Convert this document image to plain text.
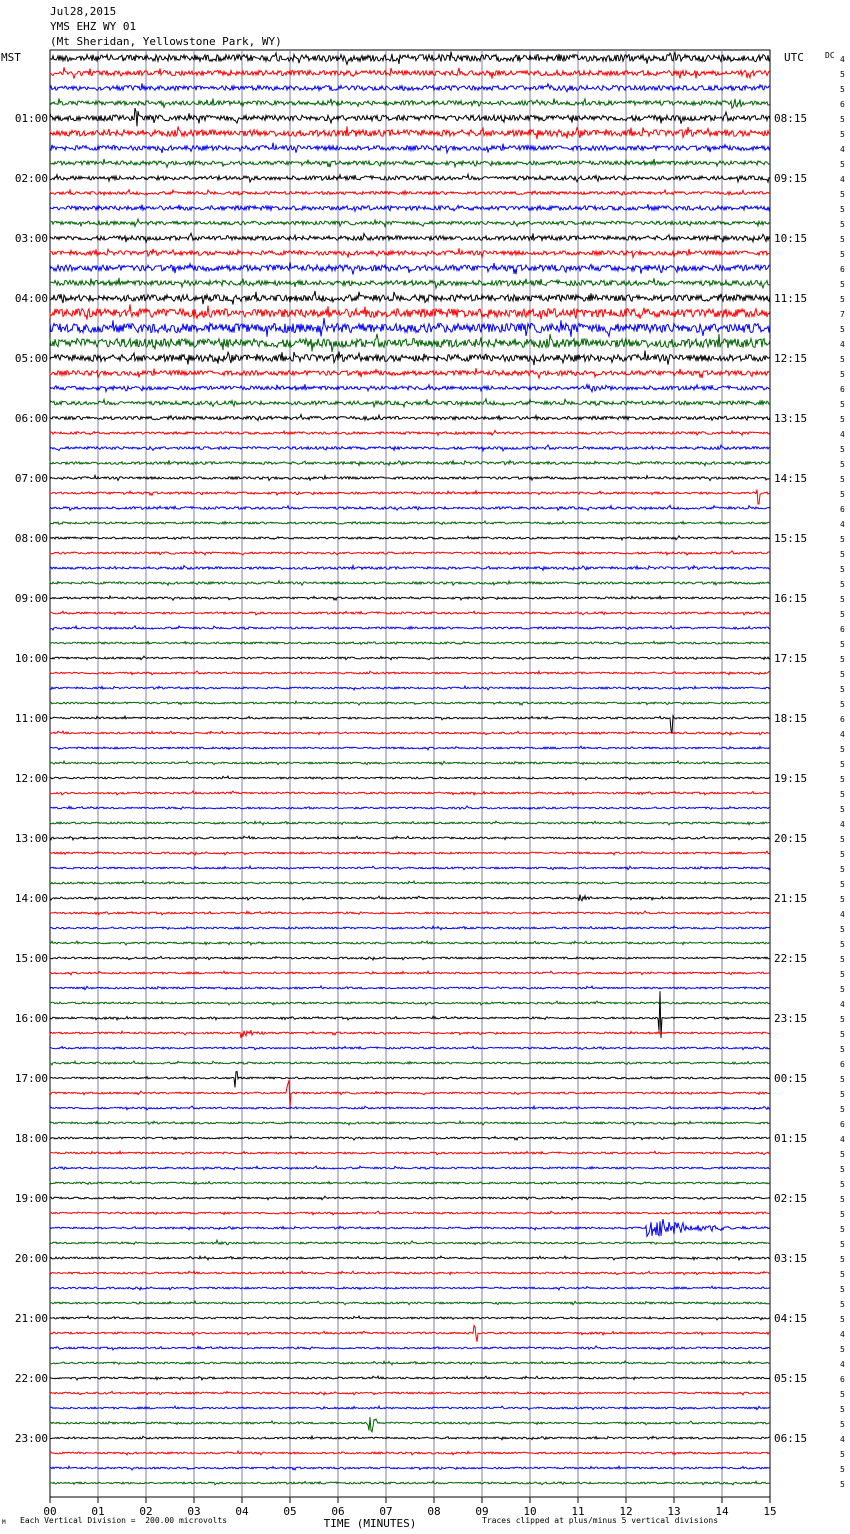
Jul28,2015
YMS EHZ WY 01
(Mt Sheridan, Yellowstone Park, WY)
MST	UTC	DC 4
5
5
6
5
5
4
5
4
5
5
5
5
5
6
5
5
7
5
4
5
5
6
5
5
4
5
5
5
5
6
4
5
5
5
5
5
5
6
5
5
5
5
5
6
4
5
5
5
5
5
4
5
5
5
5
5
4
5
5
5
5
5
4
5
5
5
6
5
5
5
6
4
5
5
5
5
5
5
5
5
5
5
5
5
4
5
4
6
5
5
5
4
5
5
5
01:00
02:00
03:00
04:00
05:00
06:00
07:00
08:00
09:00
10:00
11:00
12:00
13:00
14:00
15:00
16:00
17:00
18:00
19:00
20:00
21:00
22:00
23:00
08:15
09:15
10:15
11:15
12:15
13:15
14:15
15:15
16:15
17:15
18:15
19:15
20:15
21:15
22:15
23:15
00:15
01:15
02:15
03:15
04:15
05:15
06:15
00	01	02	03	04	05	06	07	08	09	10	11	12	13	14	15
TIME (MINUTES)
M Each Vertical Division =  200.00 microvolts	Traces clipped at plus/minus 5 vertical divisions
